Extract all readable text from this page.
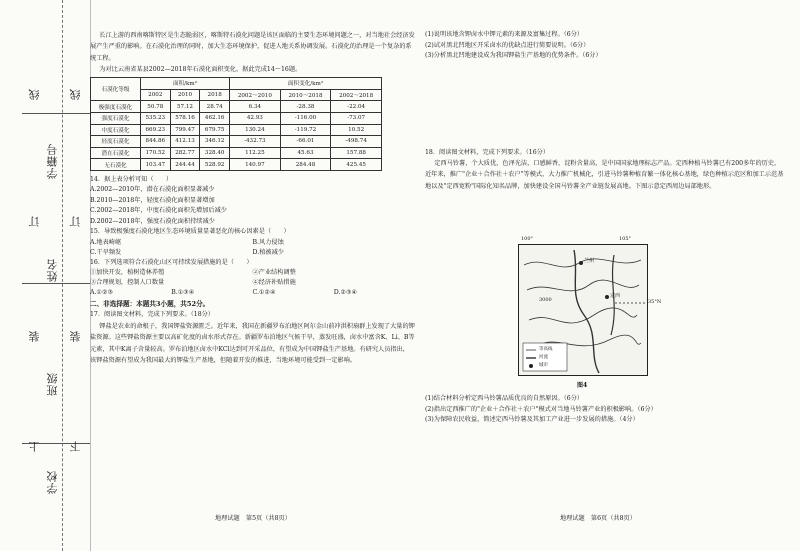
学籍号
姓名
班级
学校
线	线
订	订
装	装
上	下

长江上游的西南喀斯特区是生态脆弱区，喀斯特石漠化问题是该区面临的主要生态环境问题之一，对当地社会经济发展产生严重的影响。在石漠化治理的同时，加大生态环境保护，促进人地关系协调发展。石漠化的治理是一个复杂的系统工程。

为对比云南省某县2002—2018年石漠化面积变化，据此完成14～16题。

石漠化等级	面积/km²			面积变化/km²		
	2002	2010	2018	2002～2010	2010～2018	2002～2018
极强度石漠化	50.78	57.12	28.74	6.34	-28.38	-22.04
强度石漠化	535.23	578.16	462.16	42.93	-116.00	-73.07
中度石漠化	669.23	799.47	679.75	130.24	-119.72	10.52
轻度石漠化	844.86	412.13	346.12	-432.73	-66.01	-498.74
潜在石漠化	170.52	282.77	328.40	112.25	45.63	157.88
无石漠化	103.47	244.44	528.92	140.97	284.48	425.45

14．据上表分析可知（　　）

A.2002—2010年，潜在石漠化面积显著减少

B.2010—2018年，轻度石漠化面积显著增加

C.2002—2018年，中度石漠化面积先增加后减少

D.2002—2018年，强度石漠化面积持续减少

15．导致极强度石漠化地区生态环境质量显著恶化的核心因素是（　　）

A.地表崎岖	B.风力侵蚀
C.干旱频发	D.植被减少

16．下列选项符合石漠化山区可持续发展措施的是（　　）

①加快开发，植树造林养殖	②产业结构调整
③合理规划，控制人口数量	④经济补贴措施
A.①②③	B.①③④	C.①②④	D.②③④

二、非选择题：本题共3小题，共52分。

17．阅读图文材料，完成下列要求。（18分）

钾盐是农业的命根子，我国钾盐资源匮乏。近年来，我国在新疆罗布泊地区阿尔金山前冲洪积扇群上发现了大量的钾盐资源。这些钾盐资源主要以高矿化度的卤水形式存在。新疆罗布泊地区气候干旱，蒸发旺盛，卤水中富含K、Li、B等元素，其中K离子含量较高。罗布泊地区卤水中KCl达到可开采品位，有望成为中国钾盐生产基地。有研究人员指出，该钾盐资源有望成为我国最大的钾盐生产基地，但随着开发的推进，当地环境可能受到一定影响。

地理试题　第5页（共8页）

(1)说明该地含钾卤水中钾元素的来源及富集过程。（6分）

(2)试对黑北凹地区开采卤水的优缺点进行简要说明。（6分）

(3)分析黑北凹地建设成为我国钾盐生产基地的优势条件。（6分）

18．阅读图文材料，完成下列要求。（16分）

定西马铃薯，个大质优，色泽光洁，口感鲜香，淀粉含量高，是中国国家地理标志产品。定西种植马铃薯已有200多年的历史，近年来，推广"企业＋合作社＋农户"等模式，大力推广机械化，引进马铃薯种植育繁一体化核心基地，绿色种植示范区和加工示范基地以及"定西宽粉"国际化知名品牌，加快建设全国马铃薯全产业链发展高地。下图示意定西周边局部地形。

100°	105°
35°N
兰州
定西
3000
等高线
河流
城市
图4

(1)结合材料分析定西马铃薯品质优良的自然原因。（6分）

(2)指出定西推广的"企业＋合作社＋农户"模式对当地马铃薯产业的积极影响。（6分）

(3)为保障农民收益，简述定西马铃薯及其加工产业进一步发展的措施。（4分）

地理试题　第6页（共8页）
